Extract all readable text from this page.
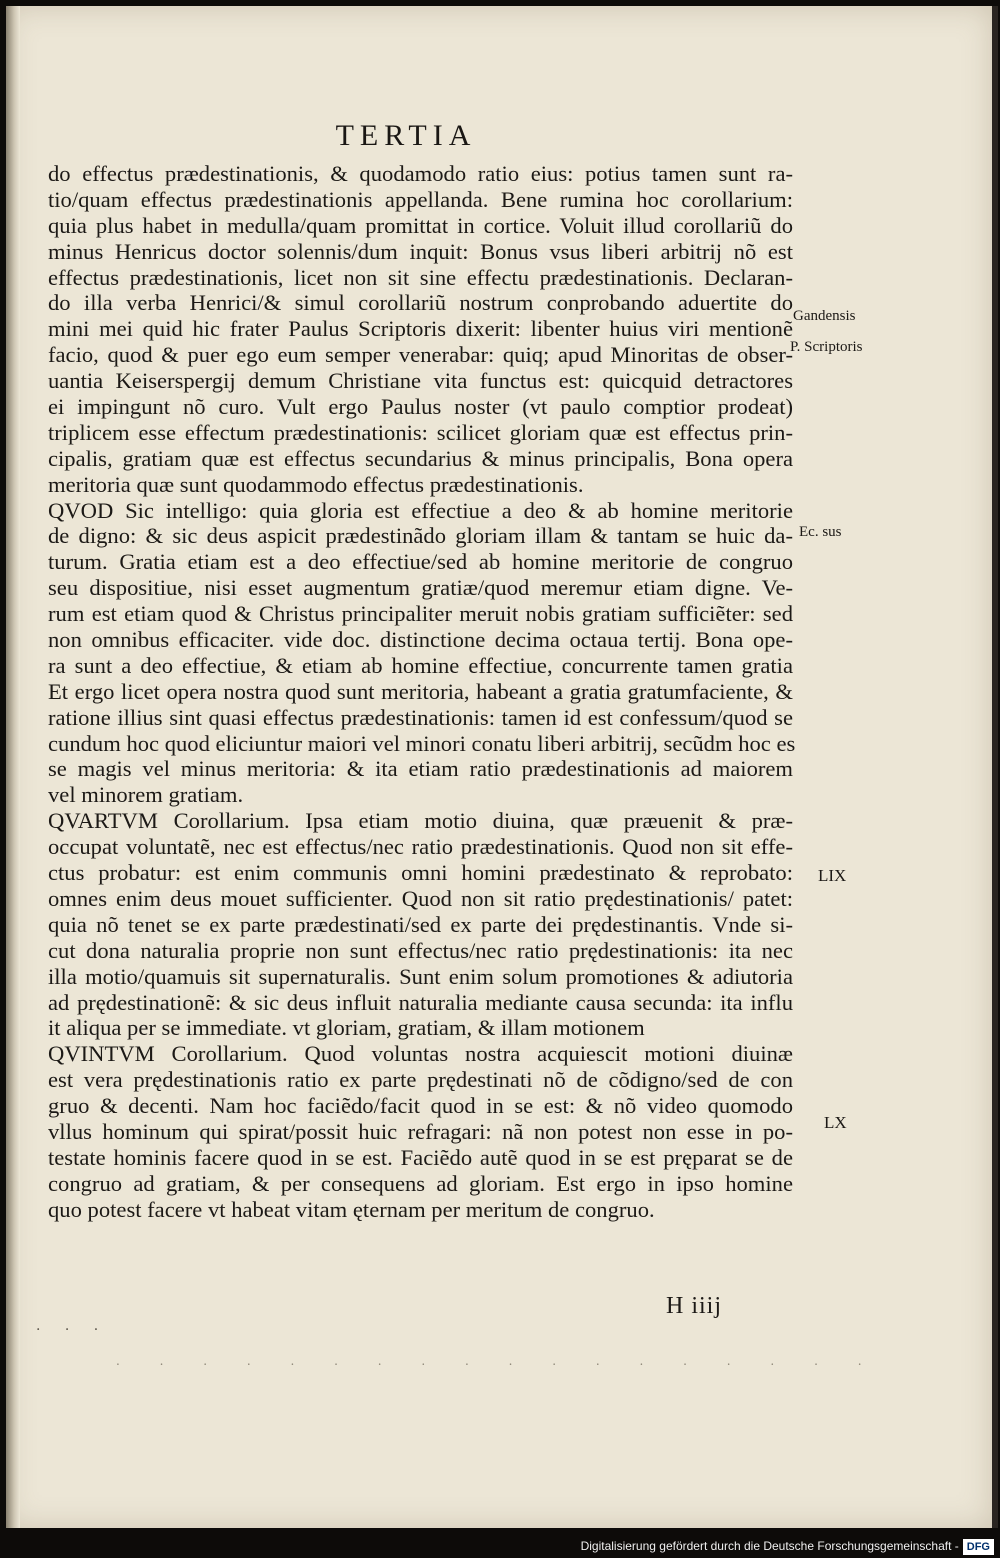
TERTIA
do effectus prædestinationis, & quodamodo ratio eius: potius tamen sunt ra-
tio/quam effectus prædestinationis appellanda. Bene rumina hoc corollarium:
quia plus habet in medulla/quam promittat in cortice. Voluit illud corollariũ do
minus Henricus doctor solennis/dum inquit: Bonus vsus liberi arbitrij nõ est
effectus prædestinationis, licet non sit sine effectu prædestinationis. Declaran-
do illa verba Henrici/& simul corollariũ nostrum conprobando aduertite do
mini mei quid hic frater Paulus Scriptoris dixerit: libenter huius viri mentionẽ
facio, quod & puer ego eum semper venerabar: quiq; apud Minoritas de obser-
uantia Keiserspergij demum Christiane vita functus est: quicquid detractores
ei impingunt nõ curo. Vult ergo Paulus noster (vt paulo comptior prodeat)
triplicem esse effectum prædestinationis: scilicet gloriam quæ est effectus prin-
cipalis, gratiam quæ est effectus secundarius & minus principalis, Bona opera
meritoria quæ sunt quodammodo effectus prædestinationis.
QVOD Sic intelligo: quia gloria est effectiue a deo & ab homine meritorie
de digno: & sic deus aspicit prædestinãdo gloriam illam & tantam se huic da-
turum. Gratia etiam est a deo effectiue/sed ab homine meritorie de congruo
seu dispositiue, nisi esset augmentum gratiæ/quod meremur etiam digne. Ve-
rum est etiam quod & Christus principaliter meruit nobis gratiam sufficiẽter: sed
non omnibus efficaciter. vide doc. distinctione decima octaua tertij. Bona ope-
ra sunt a deo effectiue, & etiam ab homine effectiue, concurrente tamen gratia
Et ergo licet opera nostra quod sunt meritoria, habeant a gratia gratumfaciente, &
ratione illius sint quasi effectus prædestinationis: tamen id est confessum/quod se
cundum hoc quod eliciuntur maiori vel minori conatu liberi arbitrij, secũdm hoc es
se magis vel minus meritoria: & ita etiam ratio prædestinationis ad maiorem
vel minorem gratiam.
QVARTVM Corollarium. Ipsa etiam motio diuina, quæ præuenit & præ-
occupat voluntatẽ, nec est effectus/nec ratio prædestinationis. Quod non sit effe-
ctus probatur: est enim communis omni homini prædestinato & reprobato:
omnes enim deus mouet sufficienter. Quod non sit ratio prędestinationis/ patet:
quia nõ tenet se ex parte prædestinati/sed ex parte dei prędestinantis. Vnde si-
cut dona naturalia proprie non sunt effectus/nec ratio prędestinationis: ita nec
illa motio/quamuis sit supernaturalis. Sunt enim solum promotiones & adiutoria
ad prędestinationẽ: & sic deus influit naturalia mediante causa secunda: ita influ
it aliqua per se immediate. vt gloriam, gratiam, & illam motionem
QVINTVM Corollarium. Quod voluntas nostra acquiescit motioni diuinæ
est vera prędestinationis ratio ex parte prędestinati nõ de cõdigno/sed de con
gruo & decenti. Nam hoc faciẽdo/facit quod in se est: & nõ video quomodo
vllus hominum qui spirat/possit huic refragari: nã non potest non esse in po-
testate hominis facere quod in se est. Faciẽdo autẽ quod in se est pręparat se de
congruo ad gratiam, & per consequens ad gloriam. Est ergo in ipso homine
quo potest facere vt habeat vitam ęternam per meritum de congruo.
Gandensis
P. Scriptoris
Ec. sus
LIX
LX
H iiij
· · ·
. . . . . . . . . . . . . . . . . .
Digitalisierung gefördert durch die Deutsche Forschungsgemeinschaft - DFG
